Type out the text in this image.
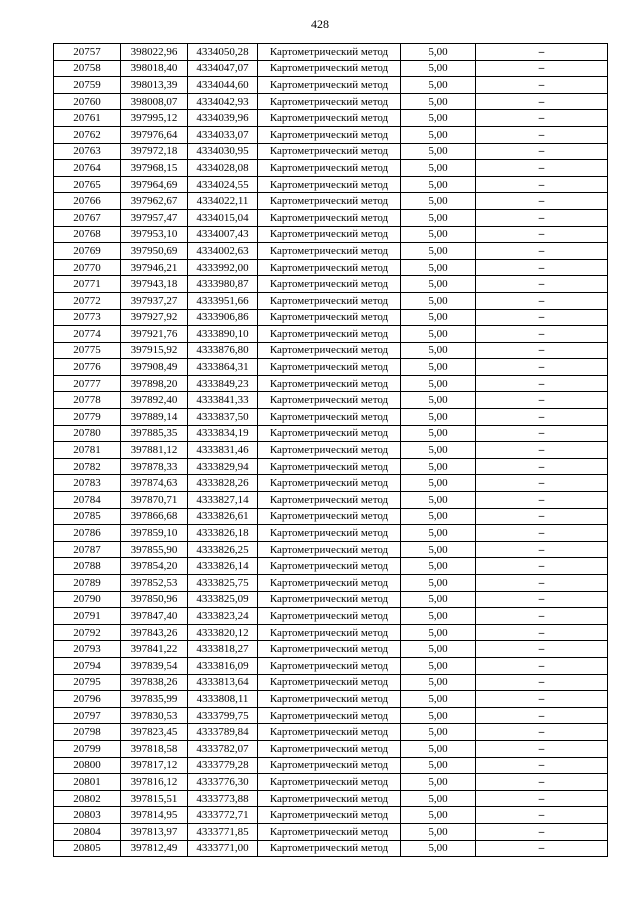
428
20757	398022,96	4334050,28	Картометрический метод	5,00	–
20758	398018,40	4334047,07	Картометрический метод	5,00	–
20759	398013,39	4334044,60	Картометрический метод	5,00	–
20760	398008,07	4334042,93	Картометрический метод	5,00	–
20761	397995,12	4334039,96	Картометрический метод	5,00	–
20762	397976,64	4334033,07	Картометрический метод	5,00	–
20763	397972,18	4334030,95	Картометрический метод	5,00	–
20764	397968,15	4334028,08	Картометрический метод	5,00	–
20765	397964,69	4334024,55	Картометрический метод	5,00	–
20766	397962,67	4334022,11	Картометрический метод	5,00	–
20767	397957,47	4334015,04	Картометрический метод	5,00	–
20768	397953,10	4334007,43	Картометрический метод	5,00	–
20769	397950,69	4334002,63	Картометрический метод	5,00	–
20770	397946,21	4333992,00	Картометрический метод	5,00	–
20771	397943,18	4333980,87	Картометрический метод	5,00	–
20772	397937,27	4333951,66	Картометрический метод	5,00	–
20773	397927,92	4333906,86	Картометрический метод	5,00	–
20774	397921,76	4333890,10	Картометрический метод	5,00	–
20775	397915,92	4333876,80	Картометрический метод	5,00	–
20776	397908,49	4333864,31	Картометрический метод	5,00	–
20777	397898,20	4333849,23	Картометрический метод	5,00	–
20778	397892,40	4333841,33	Картометрический метод	5,00	–
20779	397889,14	4333837,50	Картометрический метод	5,00	–
20780	397885,35	4333834,19	Картометрический метод	5,00	–
20781	397881,12	4333831,46	Картометрический метод	5,00	–
20782	397878,33	4333829,94	Картометрический метод	5,00	–
20783	397874,63	4333828,26	Картометрический метод	5,00	–
20784	397870,71	4333827,14	Картометрический метод	5,00	–
20785	397866,68	4333826,61	Картометрический метод	5,00	–
20786	397859,10	4333826,18	Картометрический метод	5,00	–
20787	397855,90	4333826,25	Картометрический метод	5,00	–
20788	397854,20	4333826,14	Картометрический метод	5,00	–
20789	397852,53	4333825,75	Картометрический метод	5,00	–
20790	397850,96	4333825,09	Картометрический метод	5,00	–
20791	397847,40	4333823,24	Картометрический метод	5,00	–
20792	397843,26	4333820,12	Картометрический метод	5,00	–
20793	397841,22	4333818,27	Картометрический метод	5,00	–
20794	397839,54	4333816,09	Картометрический метод	5,00	–
20795	397838,26	4333813,64	Картометрический метод	5,00	–
20796	397835,99	4333808,11	Картометрический метод	5,00	–
20797	397830,53	4333799,75	Картометрический метод	5,00	–
20798	397823,45	4333789,84	Картометрический метод	5,00	–
20799	397818,58	4333782,07	Картометрический метод	5,00	–
20800	397817,12	4333779,28	Картометрический метод	5,00	–
20801	397816,12	4333776,30	Картометрический метод	5,00	–
20802	397815,51	4333773,88	Картометрический метод	5,00	–
20803	397814,95	4333772,71	Картометрический метод	5,00	–
20804	397813,97	4333771,85	Картометрический метод	5,00	–
20805	397812,49	4333771,00	Картометрический метод	5,00	–
